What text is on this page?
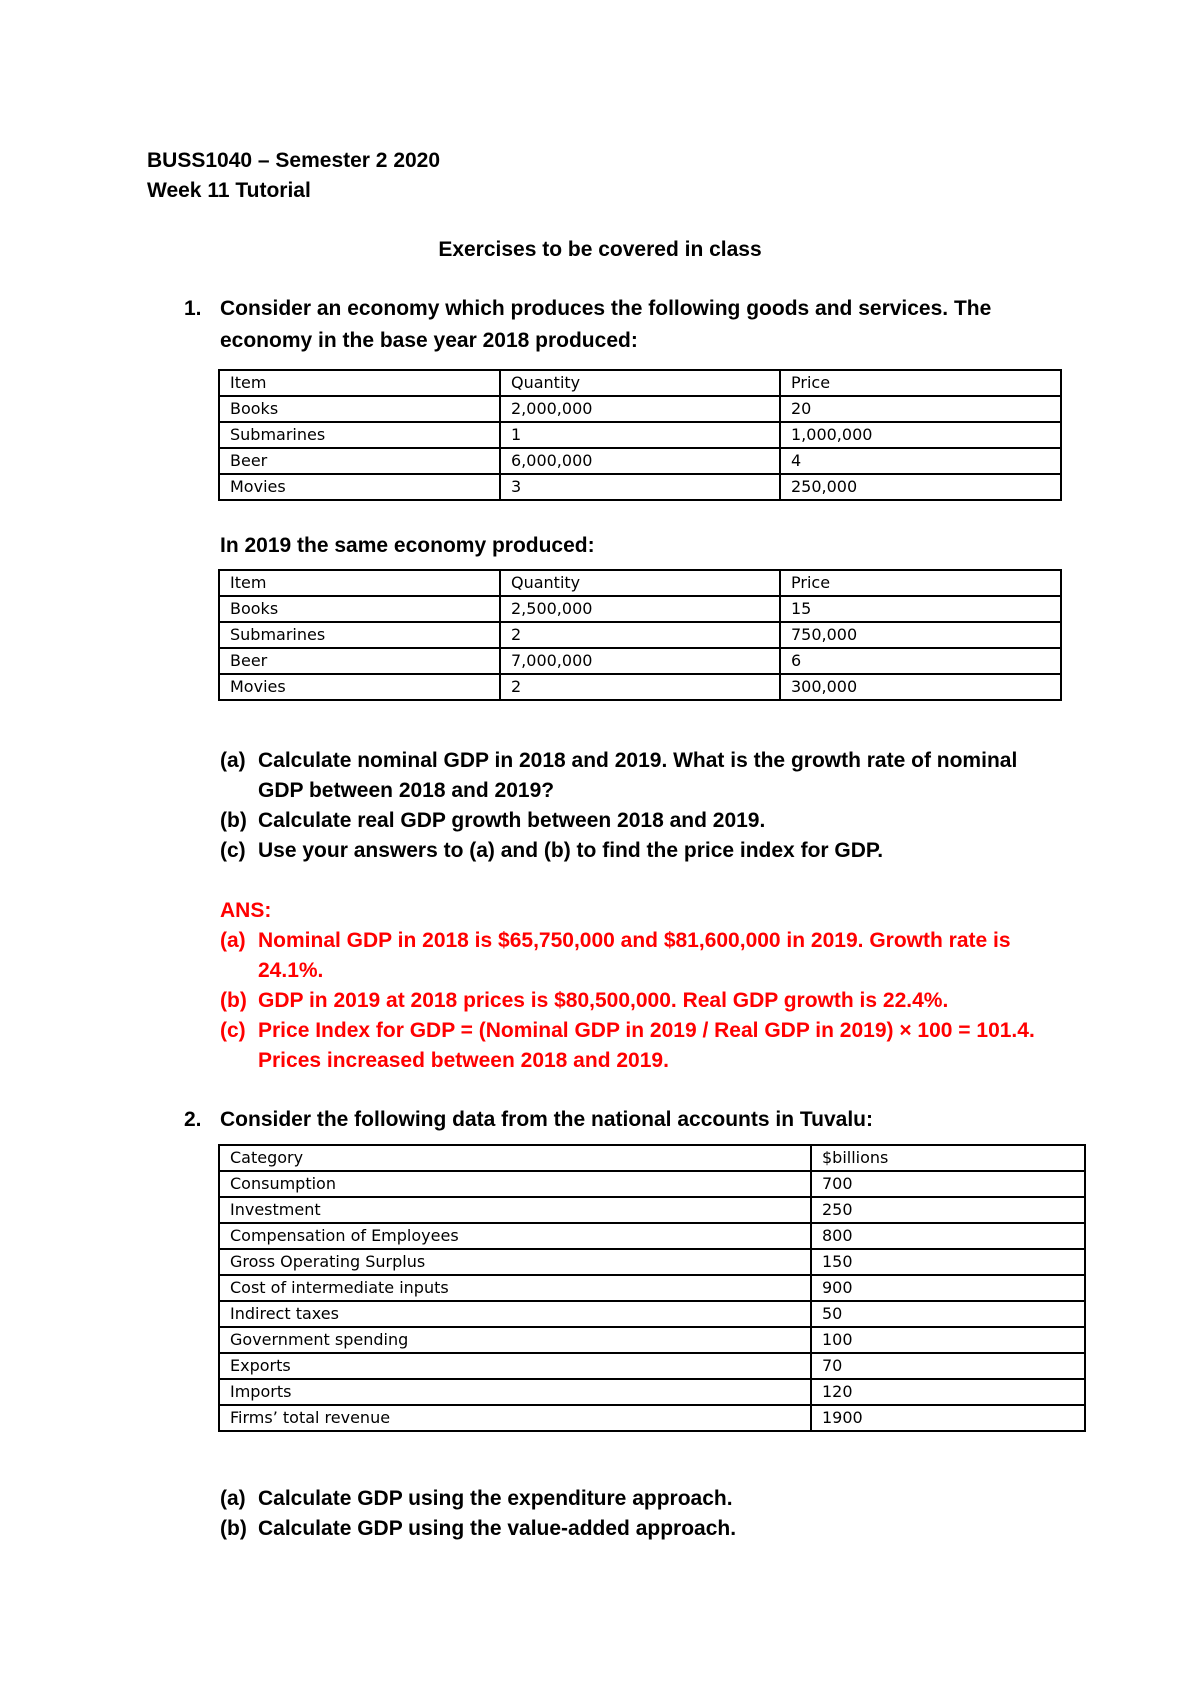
BUSS1040 – Semester 2 2020
Week 11 Tutorial
Exercises to be covered in class
1. Consider an economy which produces the following goods and services. The
economy in the base year 2018 produced:
Item	Quantity	Price
Books	2,000,000	20
Submarines	1	1,000,000
Beer	6,000,000	4
Movies	3	250,000
In 2019 the same economy produced:
Item	Quantity	Price
Books	2,500,000	15
Submarines	2	750,000
Beer	7,000,000	6
Movies	2	300,000
(a) Calculate nominal GDP in 2018 and 2019. What is the growth rate of nominal
GDP between 2018 and 2019?
(b) Calculate real GDP growth between 2018 and 2019.
(c) Use your answers to (a) and (b) to find the price index for GDP.
ANS:
(a) Nominal GDP in 2018 is $65,750,000 and $81,600,000 in 2019. Growth rate is
24.1%.
(b) GDP in 2019 at 2018 prices is $80,500,000. Real GDP growth is 22.4%.
(c) Price Index for GDP = (Nominal GDP in 2019 / Real GDP in 2019) × 100 = 101.4.
Prices increased between 2018 and 2019.
2. Consider the following data from the national accounts in Tuvalu:
Category	$billions
Consumption	700
Investment	250
Compensation of Employees	800
Gross Operating Surplus	150
Cost of intermediate inputs	900
Indirect taxes	50
Government spending	100
Exports	70
Imports	120
Firms’ total revenue	1900
(a) Calculate GDP using the expenditure approach.
(b) Calculate GDP using the value-added approach.
